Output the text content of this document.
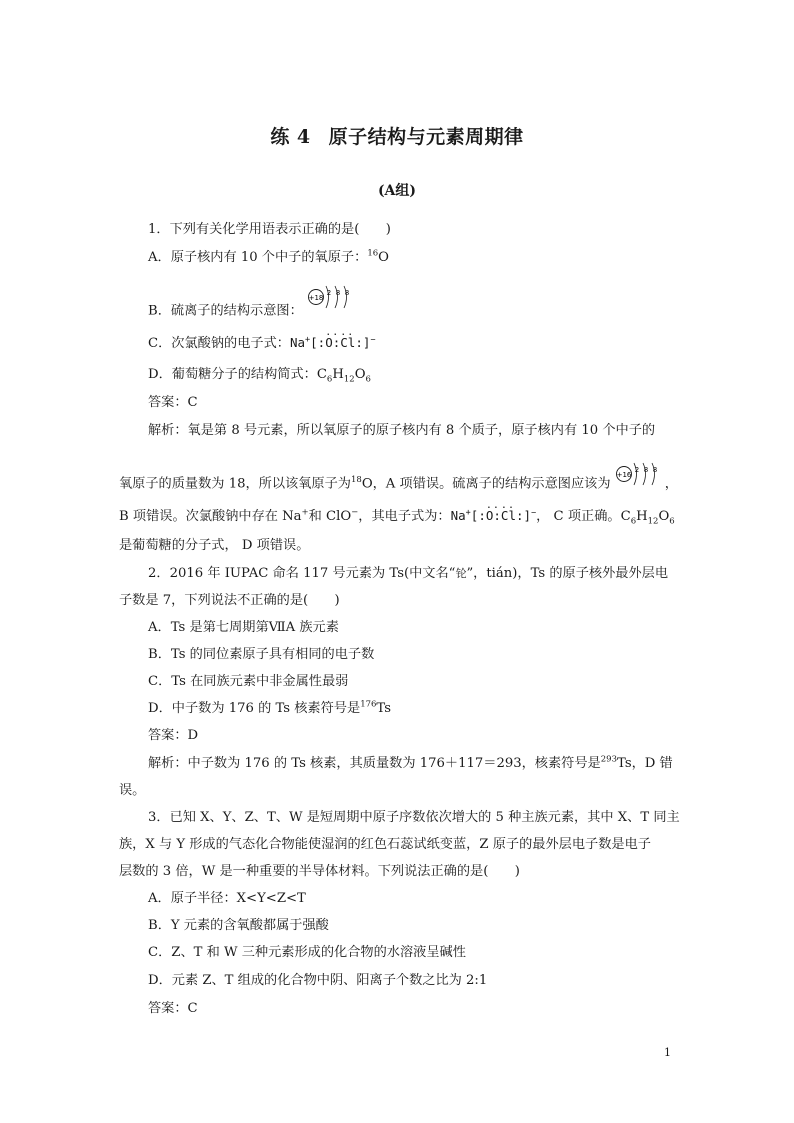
练 4 原子结构与元素周期律
(A组)
1．下列有关化学用语表示正确的是(　　)
A．原子核内有 10 个中子的氧原子：$^{16}$O
B．硫离子的结构示意图：
+18
2 8 8
C．次氯酸钠的电子式：Na+[:
..
O:
..
Cl:]−
D．葡萄糖分子的结构简式：$C_6H_{12}O_6$
答案：C
解析：氧是第 8 号元素，所以氧原子的原子核内有 8 个质子，原子核内有 10 个中子的
氧原子的质量数为 18，所以该氧原子为$^{18}$O，A 项错误。硫离子的结构示意图应该为
+16
2 8 8
，
B 项错误。次氯酸钠中存在 Na+和 ClO−，其电子式为：Na+[:
..
O:
..
Cl:]−， C 项正确。$C_6H_{12}O_6$
是葡萄糖的分子式， D 项错误。
2．2016 年 IUPAC 命名 117 号元素为 Ts(中文名“𬬭”，tián)，Ts 的原子核外最外层电
子数是 7，下列说法不正确的是(　　)
A．Ts 是第七周期第ⅦA 族元素
B．Ts 的同位素原子具有相同的电子数
C．Ts 在同族元素中非金属性最弱
D．中子数为 176 的 Ts 核素符号是$^{176}$Ts
答案：D
解析：中子数为 176 的 Ts 核素，其质量数为 176＋117＝293，核素符号是$^{293}$Ts，D 错
误。
3．已知 X、Y、Z、T、W 是短周期中原子序数依次增大的 5 种主族元素，其中 X、T 同主
族，X 与 Y 形成的气态化合物能使湿润的红色石蕊试纸变蓝，Z 原子的最外层电子数是电子
层数的 3 倍，W 是一种重要的半导体材料。下列说法正确的是(　　)
A．原子半径：X<Y<Z<T
B．Y 元素的含氧酸都属于强酸
C．Z、T 和 W 三种元素形成的化合物的水溶液呈碱性
D．元素 Z、T 组成的化合物中阴、阳离子个数之比为 2:1
答案：C
1
